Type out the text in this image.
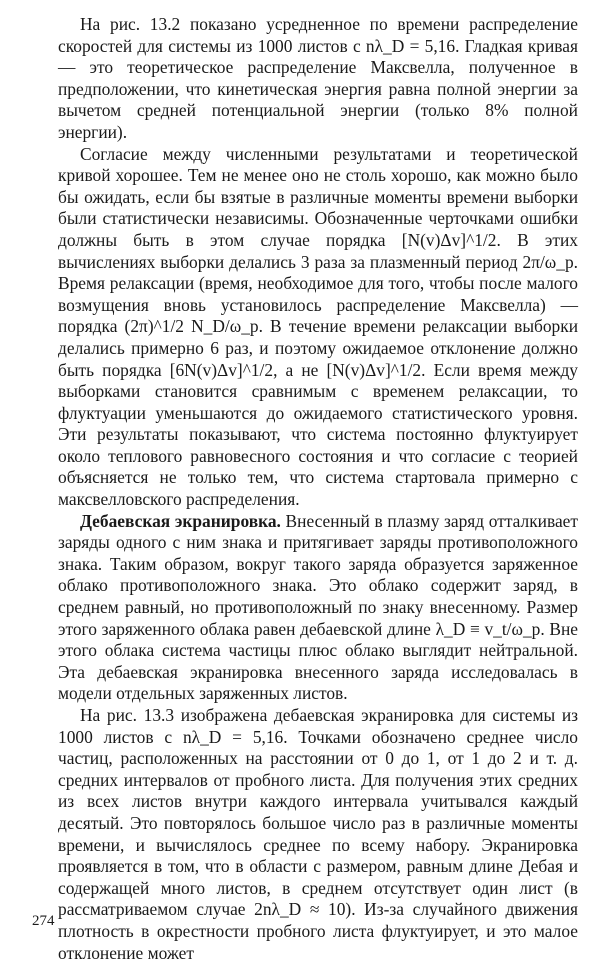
На рис. 13.2 показано усредненное по времени распределение скоростей для системы из 1000 листов с nλ_D = 5,16. Гладкая кривая — это теоретическое распределение Максвелла, полученное в предположении, что кинетическая энергия равна полной энергии за вычетом средней потенциальной энергии (только 8% полной энергии).

Согласие между численными результатами и теоретической кривой хорошее. Тем не менее оно не столь хорошо, как можно было бы ожидать, если бы взятые в различные моменты времени выборки были статистически независимы. Обозначенные черточками ошибки должны быть в этом случае порядка [N(v)Δv]^1/2. В этих вычислениях выборки делались 3 раза за плазменный период 2π/ω_p. Время релаксации (время, необходимое для того, чтобы после малого возмущения вновь установилось распределение Максвелла) — порядка (2π)^1/2 N_D/ω_p. В течение времени релаксации выборки делались примерно 6 раз, и поэтому ожидаемое отклонение должно быть порядка [6N(v)Δv]^1/2, а не [N(v)Δv]^1/2. Если время между выборками становится сравнимым с временем релаксации, то флуктуации уменьшаются до ожидаемого статистического уровня. Эти результаты показывают, что система постоянно флуктуирует около теплового равновесного состояния и что согласие с теорией объясняется не только тем, что система стартовала примерно с максвелловского распределения.

Дебаевская экранировка. Внесенный в плазму заряд отталкивает заряды одного с ним знака и притягивает заряды противоположного знака. Таким образом, вокруг такого заряда образуется заряженное облако противоположного знака. Это облако содержит заряд, в среднем равный, но противоположный по знаку внесенному. Размер этого заряженного облака равен дебаевской длине λ_D ≡ v_t/ω_p. Вне этого облака система частицы плюс облако выглядит нейтральной. Эта дебаевская экранировка внесенного заряда исследовалась в модели отдельных заряженных листов.

На рис. 13.3 изображена дебаевская экранировка для системы из 1000 листов с nλ_D = 5,16. Точками обозначено среднее число частиц, расположенных на расстоянии от 0 до 1, от 1 до 2 и т. д. средних интервалов от пробного листа. Для получения этих средних из всех листов внутри каждого интервала учитывался каждый десятый. Это повторялось большое число раз в различные моменты времени, и вычислялось среднее по всему набору. Экранировка проявляется в том, что в области с размером, равным длине Дебая и содержащей много листов, в среднем отсутствует один лист (в рассматриваемом случае 2nλ_D ≈ 10). Из-за случайного движения плотность в окрестности пробного листа флуктуирует, и это малое отклонение может

274
